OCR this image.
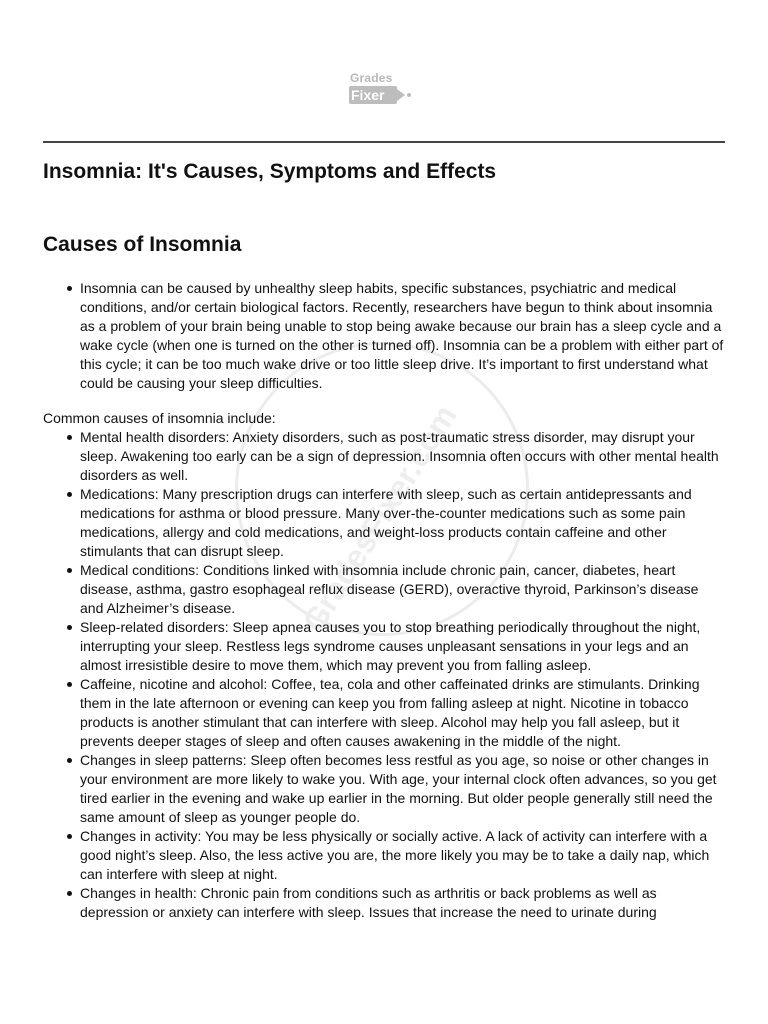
GradesFixer.com
Grades
Fixer
Insomnia: It's Causes, Symptoms and Effects
Causes of Insomnia
Insomnia can be caused by unhealthy sleep habits, specific substances, psychiatric and medical conditions, and/or certain biological factors. Recently, researchers have begun to think about insomnia as a problem of your brain being unable to stop being awake because our brain has a sleep cycle and a wake cycle (when one is turned on the other is turned off). Insomnia can be a problem with either part of this cycle; it can be too much wake drive or too little sleep drive. It’s important to first understand what could be causing your sleep difficulties.

Common causes of insomnia include:

Mental health disorders: Anxiety disorders, such as post-traumatic stress disorder, may disrupt your sleep. Awakening too early can be a sign of depression. Insomnia often occurs with other mental health disorders as well.
Medications: Many prescription drugs can interfere with sleep, such as certain antidepressants and medications for asthma or blood pressure. Many over-the-counter medications such as some pain medications, allergy and cold medications, and weight-loss products contain caffeine and other stimulants that can disrupt sleep.
Medical conditions: Conditions linked with insomnia include chronic pain, cancer, diabetes, heart disease, asthma, gastro esophageal reflux disease (GERD), overactive thyroid, Parkinson’s disease and Alzheimer’s disease.
Sleep-related disorders: Sleep apnea causes you to stop breathing periodically throughout the night, interrupting your sleep. Restless legs syndrome causes unpleasant sensations in your legs and an almost irresistible desire to move them, which may prevent you from falling asleep.
Caffeine, nicotine and alcohol: Coffee, tea, cola and other caffeinated drinks are stimulants. Drinking them in the late afternoon or evening can keep you from falling asleep at night. Nicotine in tobacco products is another stimulant that can interfere with sleep. Alcohol may help you fall asleep, but it prevents deeper stages of sleep and often causes awakening in the middle of the night.
Changes in sleep patterns: Sleep often becomes less restful as you age, so noise or other changes in your environment are more likely to wake you. With age, your internal clock often advances, so you get tired earlier in the evening and wake up earlier in the morning. But older people generally still need the same amount of sleep as younger people do.
Changes in activity: You may be less physically or socially active. A lack of activity can interfere with a good night’s sleep. Also, the less active you are, the more likely you may be to take a daily nap, which can interfere with sleep at night.
Changes in health: Chronic pain from conditions such as arthritis or back problems as well as depression or anxiety can interfere with sleep. Issues that increase the need to urinate during
